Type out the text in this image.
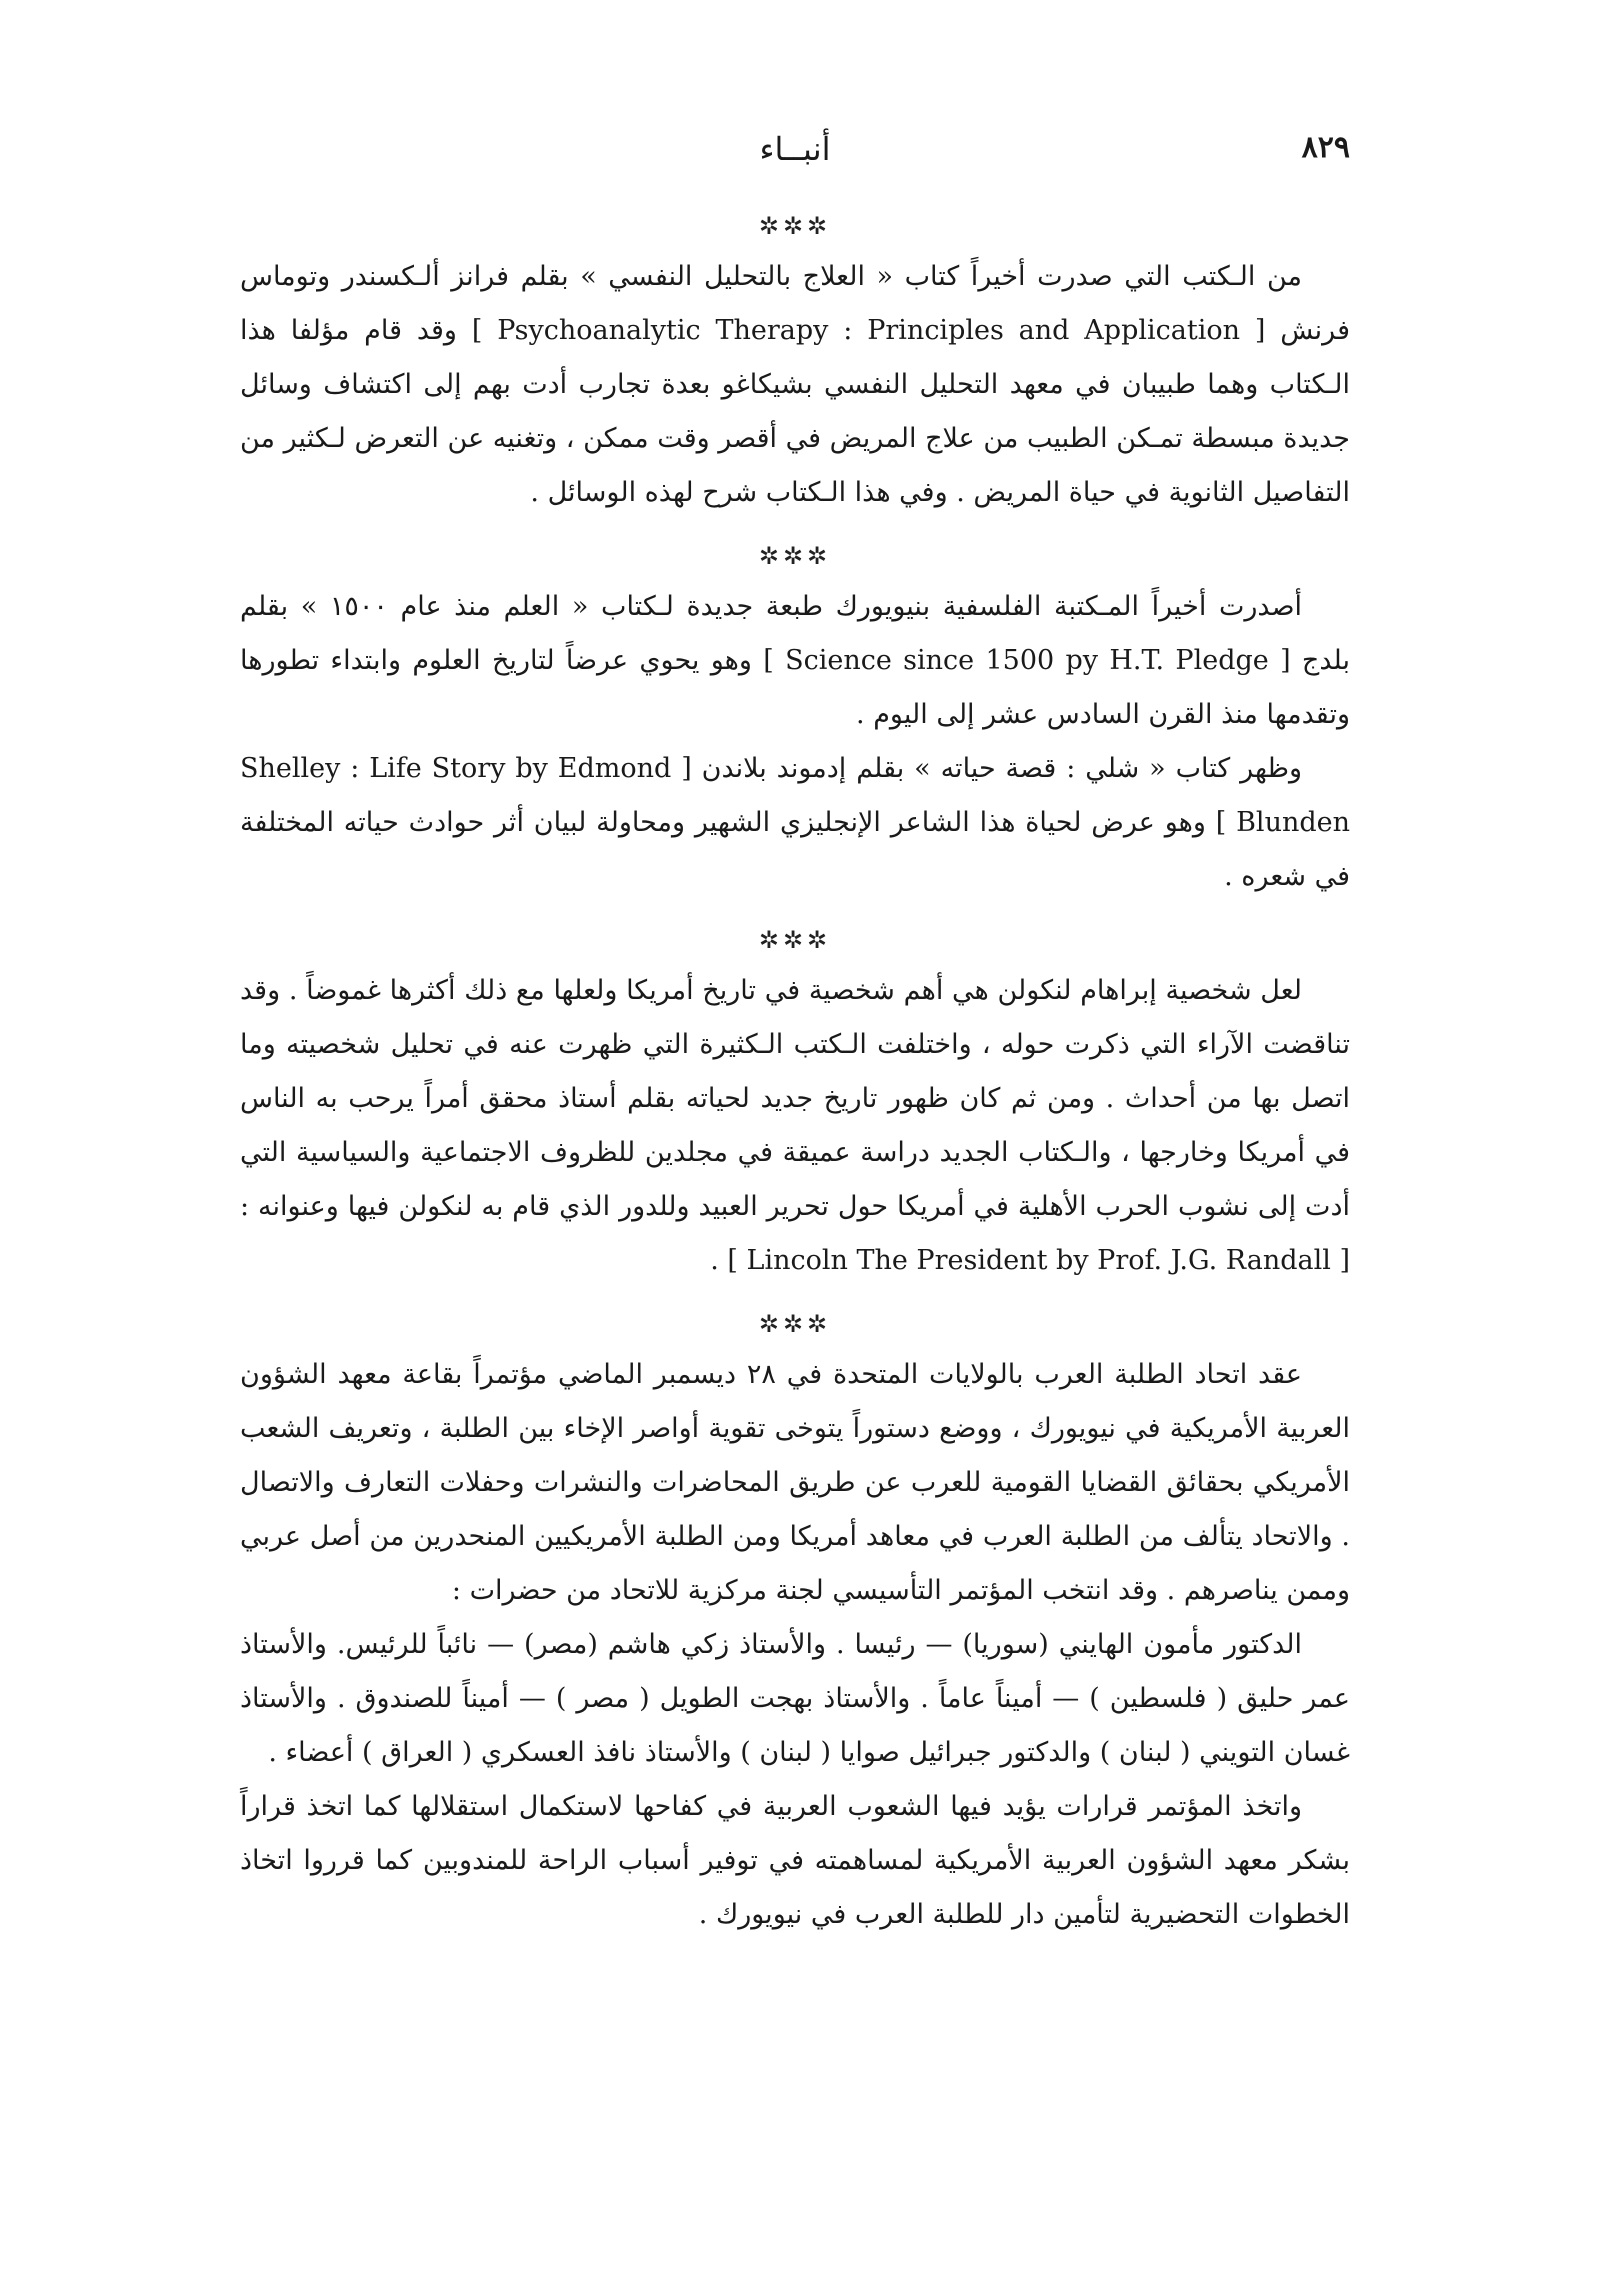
٨٢٩
أنبــاء
✲✲✲

من الـكتب التي صدرت أخيراً كتاب « العلاج بالتحليل النفسي » بقلم فرانز ألـكسندر وتوماس فرنش [ Psychoanalytic Therapy : Principles and Application ] وقد قام مؤلفا هذا الـكتاب وهما طبيبان في معهد التحليل النفسي بشيكاغو بعدة تجارب أدت بهم إلى اكتشاف وسائل جديدة مبسطة تمـكن الطبيب من علاج المريض في أقصر وقت ممكن ، وتغنيه عن التعرض لـكثير من التفاصيل الثانوية في حياة المريض . وفي هذا الـكتاب شرح لهذه الوسائل .

✲✲✲

أصدرت أخيراً المـكتبة الفلسفية بنيويورك طبعة جديدة لـكتاب « العلم منذ عام ١٥٠٠ » بقلم بلدج [ Science since 1500 py H.T. Pledge ] وهو يحوي عرضاً لتاريخ العلوم وابتداء تطورها وتقدمها منذ القرن السادس عشر إلى اليوم .

وظهر كتاب « شلي : قصة حياته » بقلم إدموند بلاندن [ Shelley : Life Story by Edmond Blunden ] وهو عرض لحياة هذا الشاعر الإنجليزي الشهير ومحاولة لبيان أثر حوادث حياته المختلفة في شعره .

✲✲✲

لعل شخصية إبراهام لنكولن هي أهم شخصية في تاريخ أمريكا ولعلها مع ذلك أكثرها غموضاً . وقد تناقضت الآراء التي ذكرت حوله ، واختلفت الـكتب الـكثيرة التي ظهرت عنه في تحليل شخصيته وما اتصل بها من أحداث . ومن ثم كان ظهور تاريخ جديد لحياته بقلم أستاذ محقق أمراً يرحب به الناس في أمريكا وخارجها ، والـكتاب الجديد دراسة عميقة في مجلدين للظروف الاجتماعية والسياسية التي أدت إلى نشوب الحرب الأهلية في أمريكا حول تحرير العبيد وللدور الذي قام به لنكولن فيها وعنوانه : [ Lincoln The President by Prof. J.G. Randall ] .

✲✲✲

عقد اتحاد الطلبة العرب بالولايات المتحدة في ٢٨ ديسمبر الماضي مؤتمراً بقاعة معهد الشؤون العربية الأمريكية في نيويورك ، ووضع دستوراً يتوخى تقوية أواصر الإخاء بين الطلبة ، وتعريف الشعب الأمريكي بحقائق القضايا القومية للعرب عن طريق المحاضرات والنشرات وحفلات التعارف والاتصال . والاتحاد يتألف من الطلبة العرب في معاهد أمريكا ومن الطلبة الأمريكيين المنحدرين من أصل عربي وممن يناصرهم . وقد انتخب المؤتمر التأسيسي لجنة مركزية للاتحاد من حضرات :

الدكتور مأمون الهايني (سوريا) — رئيسا . والأستاذ زكي هاشم (مصر) — نائباً للرئيس. والأستاذ عمر حليق ( فلسطين ) — أميناً عاماً . والأستاذ بهجت الطويل ( مصر ) — أميناً للصندوق . والأستاذ غسان التويني ( لبنان ) والدكتور جبرائيل صوايا ( لبنان ) والأستاذ نافذ العسكري ( العراق ) أعضاء .

واتخذ المؤتمر قرارات يؤيد فيها الشعوب العربية في كفاحها لاستكمال استقلالها كما اتخذ قراراً بشكر معهد الشؤون العربية الأمريكية لمساهمته في توفير أسباب الراحة للمندوبين كما قرروا اتخاذ الخطوات التحضيرية لتأمين دار للطلبة العرب في نيويورك .
